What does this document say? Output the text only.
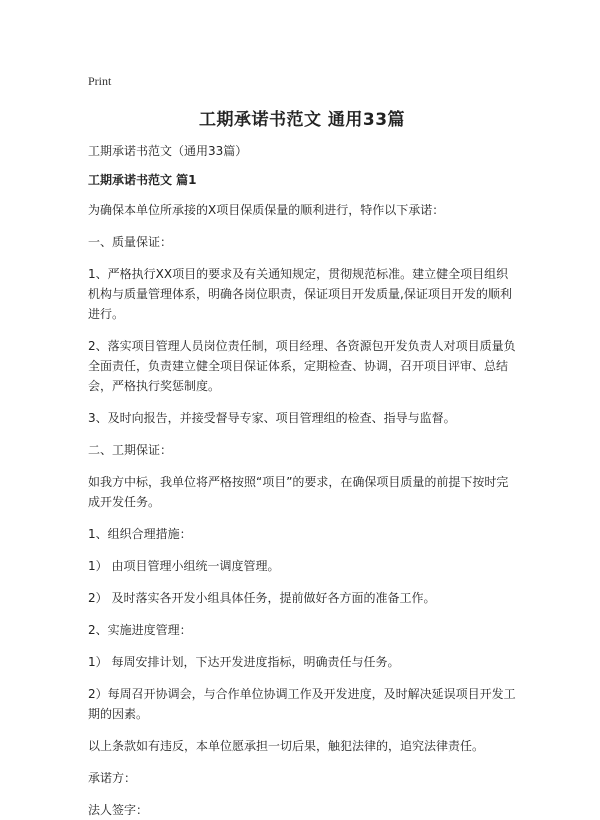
Print
工期承诺书范文 通用33篇
工期承诺书范文（通用33篇）
工期承诺书范文 篇1
为确保本单位所承接的X项目保质保量的顺利进行，特作以下承诺：
一、质量保证：
1、严格执行XX项目的要求及有关通知规定，贯彻规范标准。建立健全项目组织机构与质量管理体系，明确各岗位职责，保证项目开发质量,保证项目开发的顺利进行。
2、落实项目管理人员岗位责任制，项目经理、各资源包开发负责人对项目质量负全面责任，负责建立健全项目保证体系，定期检查、协调，召开项目评审、总结会，严格执行奖惩制度。
3、及时向报告，并接受督导专家、项目管理组的检查、指导与监督。
二、工期保证：
如我方中标，我单位将严格按照“项目”的要求，在确保项目质量的前提下按时完成开发任务。
1、组织合理措施：
1） 由项目管理小组统一调度管理。
2） 及时落实各开发小组具体任务，提前做好各方面的准备工作。
2、实施进度管理：
1） 每周安排计划，下达开发进度指标，明确责任与任务。
2）每周召开协调会，与合作单位协调工作及开发进度，及时解决延误项目开发工期的因素。
以上条款如有违反，本单位愿承担一切后果，触犯法律的，追究法律责任。
承诺方：
法人签字：
